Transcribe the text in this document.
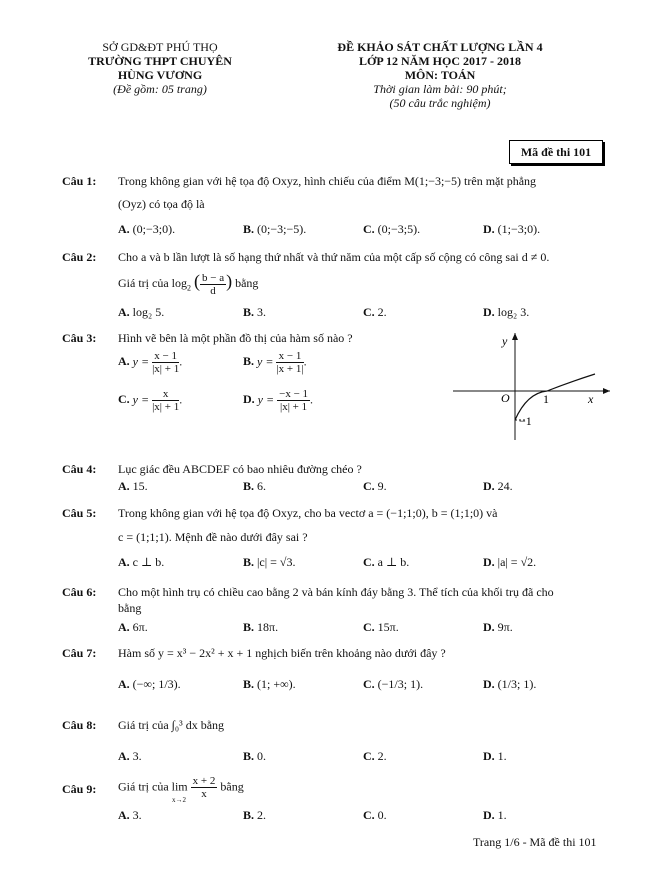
SỞ GD&ĐT PHÚ THỌ
TRƯỜNG THPT CHUYÊN
HÙNG VƯƠNG
(Đề gồm: 05 trang)
ĐỀ KHẢO SÁT CHẤT LƯỢNG LẦN 4
LỚP 12 NĂM HỌC 2017 - 2018
MÔN: TOÁN
Thời gian làm bài: 90 phút;
(50 câu trắc nghiệm)
Mã đề thi 101
Câu 1: Trong không gian với hệ tọa độ Oxyz, hình chiếu của điểm M(1;−3;−5) trên mặt phẳng
(Oyz) có tọa độ là
A. (0;−3;0).	B. (0;−3;−5).	C. (0;−3;5).	D. (1;−3;0).
Câu 2: Cho a và b lần lượt là số hạng thứ nhất và thứ năm của một cấp số cộng có công sai d ≠ 0.
Giá trị của $\log_2$ ( $\frac{b - a}{d}$ ) bằng
A. log₂ 5.	B. 3.	C. 2.	D. log₂ 3.
Câu 3: Hình vẽ bên là một phần đồ thị của hàm số nào ?
A. $y = \frac{x - 1}{|x| + 1}$ .	B. $y = \frac{x - 1}{|x + 1|}$ .
C. $y = \frac{x}{|x| + 1}$ .	D. $y = \frac{-x - 1}{|x| + 1}$ .
y
O	1	x
−1
Câu 4: Lục giác đều ABCDEF có bao nhiêu đường chéo ?
A. 15.	B. 6.	C. 9.	D. 24.
Câu 5: Trong không gian với hệ tọa độ Oxyz, cho ba vectơ a = (−1;1;0), b = (1;1;0) và
c = (1;1;1). Mệnh đề nào dưới đây sai ?
A. c ⊥ b.	B. |c| = √3.	C. a ⊥ b.	D. |a| = √2.
Câu 6: Cho một hình trụ có chiều cao bằng 2 và bán kính đáy bằng 3. Thể tích của khối trụ đã cho
bằng
A. 6π.	B. 18π.	C. 15π.	D. 9π.
Câu 7: Hàm số y = x³ − 2x² + x + 1 nghịch biến trên khoảng nào dưới đây ?
A. (−∞; 1/3).	B. (1; +∞).	C. (−1/3; 1).	D. (1/3; 1).
Câu 8: Giá trị của ∫₀³ dx bằng
A. 3.	B. 0.	C. 2.	D. 1.
Câu 9: Giá trị của $\lim \frac{x + 2}{x}$ bằng
x→2
A. 3.	B. 2.	C. 0.	D. 1.
Trang 1/6 - Mã đề thi 101
